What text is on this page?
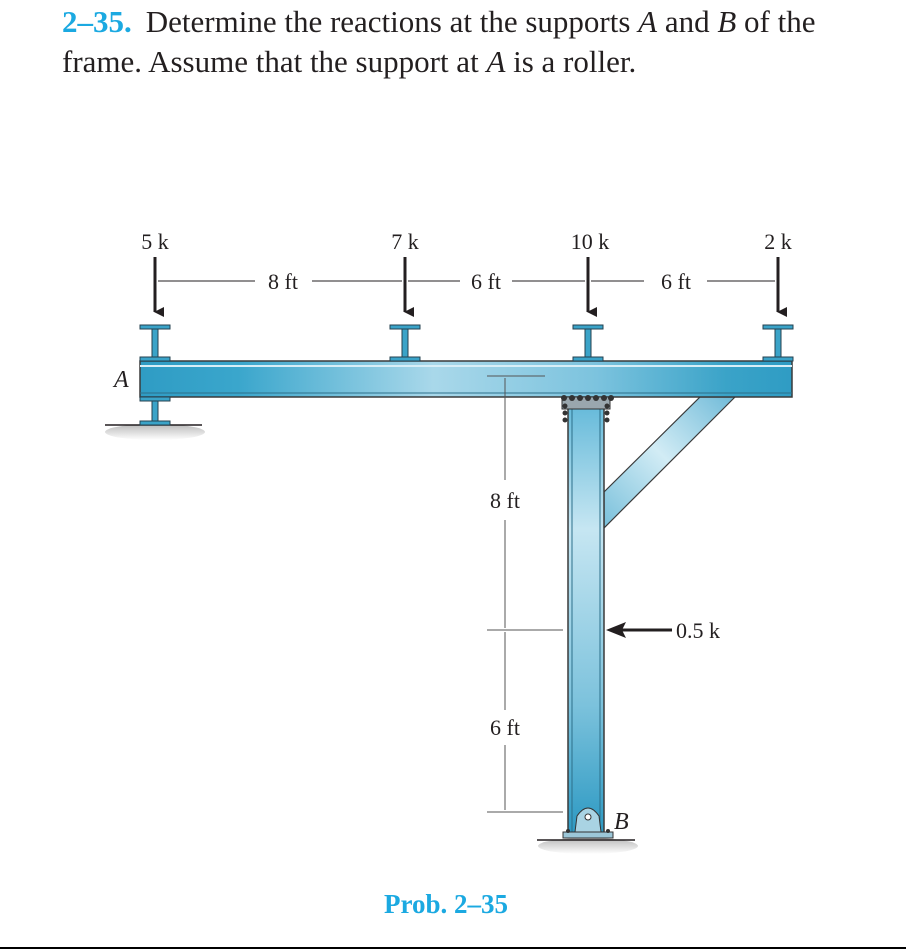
2–35. Determine the reactions at the supports A and B of the frame. Assume that the support at A is a roller.
5 k	7 k	10 k	2 k
8 ft	6 ft	6 ft
8 ft
6 ft
0.5 k
A
B
Prob. 2–35
